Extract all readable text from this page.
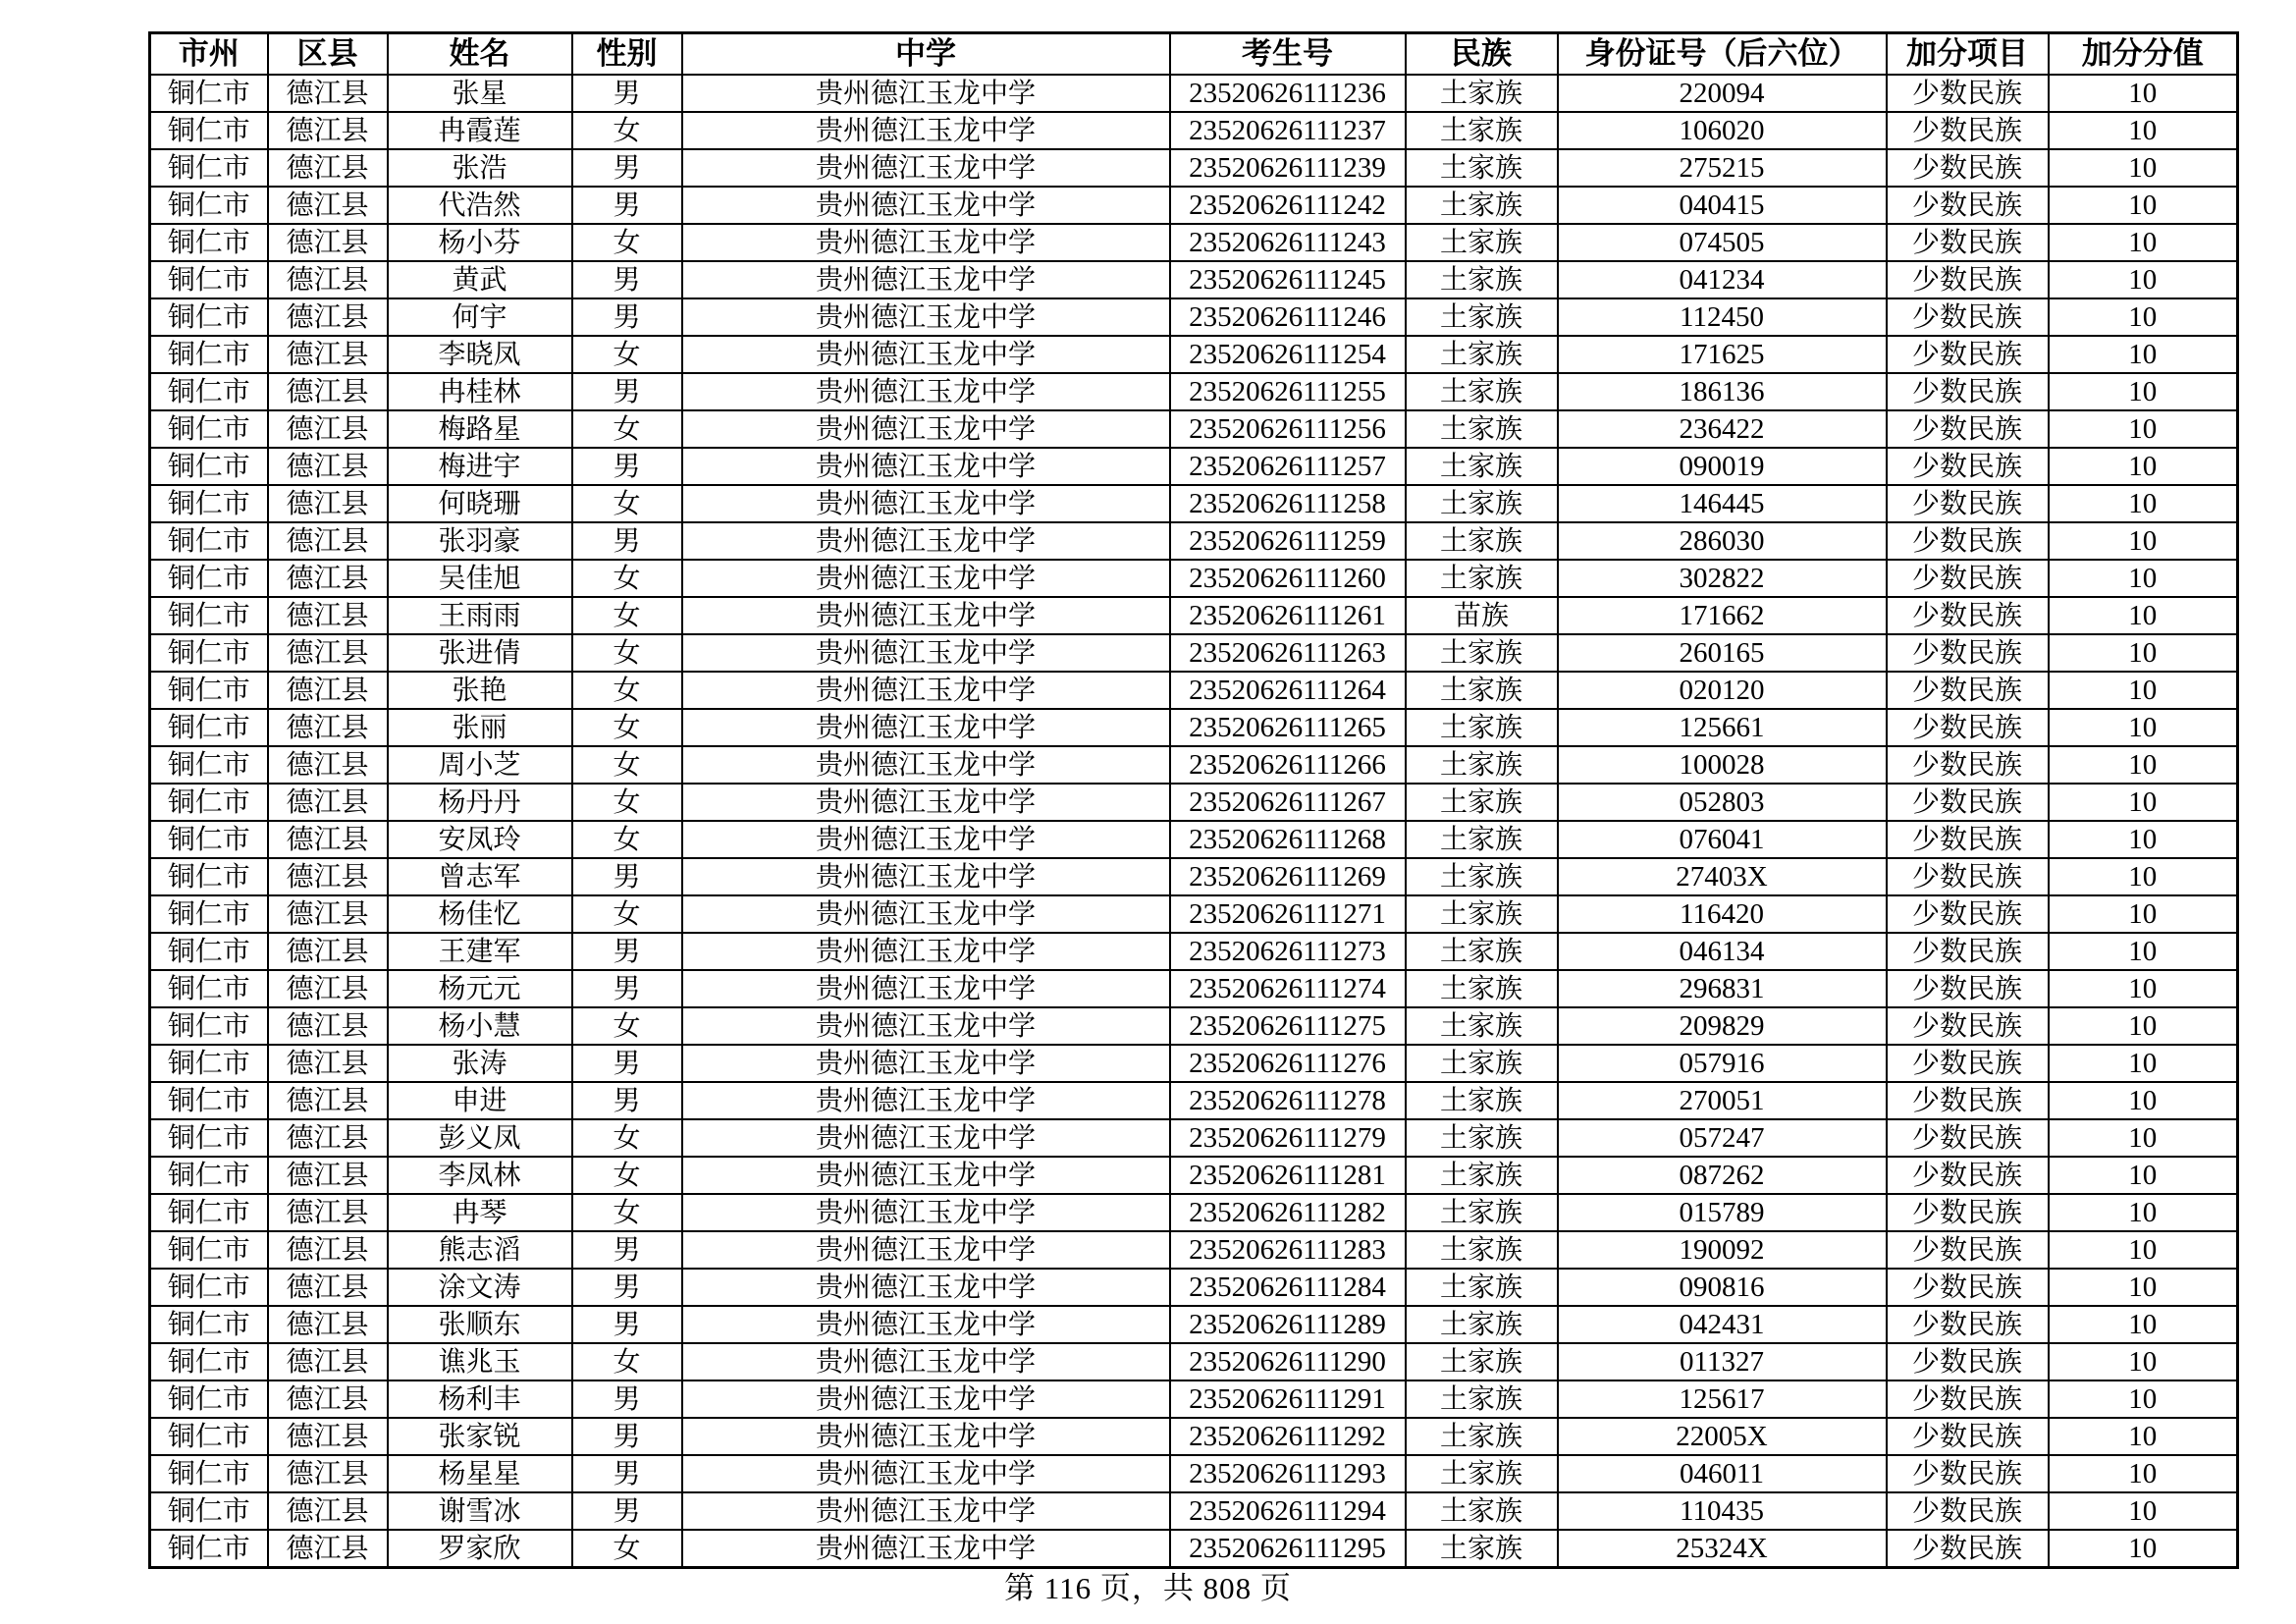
市州	区县	姓名	性别	中学	考生号	民族	身份证号（后六位）	加分项目	加分分值
铜仁市	德江县	张星	男	贵州德江玉龙中学	23520626111236	土家族	220094	少数民族	10
铜仁市	德江县	冉霞莲	女	贵州德江玉龙中学	23520626111237	土家族	106020	少数民族	10
铜仁市	德江县	张浩	男	贵州德江玉龙中学	23520626111239	土家族	275215	少数民族	10
铜仁市	德江县	代浩然	男	贵州德江玉龙中学	23520626111242	土家族	040415	少数民族	10
铜仁市	德江县	杨小芬	女	贵州德江玉龙中学	23520626111243	土家族	074505	少数民族	10
铜仁市	德江县	黄武	男	贵州德江玉龙中学	23520626111245	土家族	041234	少数民族	10
铜仁市	德江县	何宇	男	贵州德江玉龙中学	23520626111246	土家族	112450	少数民族	10
铜仁市	德江县	李晓凤	女	贵州德江玉龙中学	23520626111254	土家族	171625	少数民族	10
铜仁市	德江县	冉桂林	男	贵州德江玉龙中学	23520626111255	土家族	186136	少数民族	10
铜仁市	德江县	梅路星	女	贵州德江玉龙中学	23520626111256	土家族	236422	少数民族	10
铜仁市	德江县	梅进宇	男	贵州德江玉龙中学	23520626111257	土家族	090019	少数民族	10
铜仁市	德江县	何晓珊	女	贵州德江玉龙中学	23520626111258	土家族	146445	少数民族	10
铜仁市	德江县	张羽豪	男	贵州德江玉龙中学	23520626111259	土家族	286030	少数民族	10
铜仁市	德江县	吴佳旭	女	贵州德江玉龙中学	23520626111260	土家族	302822	少数民族	10
铜仁市	德江县	王雨雨	女	贵州德江玉龙中学	23520626111261	苗族	171662	少数民族	10
铜仁市	德江县	张进倩	女	贵州德江玉龙中学	23520626111263	土家族	260165	少数民族	10
铜仁市	德江县	张艳	女	贵州德江玉龙中学	23520626111264	土家族	020120	少数民族	10
铜仁市	德江县	张丽	女	贵州德江玉龙中学	23520626111265	土家族	125661	少数民族	10
铜仁市	德江县	周小芝	女	贵州德江玉龙中学	23520626111266	土家族	100028	少数民族	10
铜仁市	德江县	杨丹丹	女	贵州德江玉龙中学	23520626111267	土家族	052803	少数民族	10
铜仁市	德江县	安凤玲	女	贵州德江玉龙中学	23520626111268	土家族	076041	少数民族	10
铜仁市	德江县	曾志军	男	贵州德江玉龙中学	23520626111269	土家族	27403X	少数民族	10
铜仁市	德江县	杨佳忆	女	贵州德江玉龙中学	23520626111271	土家族	116420	少数民族	10
铜仁市	德江县	王建军	男	贵州德江玉龙中学	23520626111273	土家族	046134	少数民族	10
铜仁市	德江县	杨元元	男	贵州德江玉龙中学	23520626111274	土家族	296831	少数民族	10
铜仁市	德江县	杨小慧	女	贵州德江玉龙中学	23520626111275	土家族	209829	少数民族	10
铜仁市	德江县	张涛	男	贵州德江玉龙中学	23520626111276	土家族	057916	少数民族	10
铜仁市	德江县	申进	男	贵州德江玉龙中学	23520626111278	土家族	270051	少数民族	10
铜仁市	德江县	彭义凤	女	贵州德江玉龙中学	23520626111279	土家族	057247	少数民族	10
铜仁市	德江县	李凤林	女	贵州德江玉龙中学	23520626111281	土家族	087262	少数民族	10
铜仁市	德江县	冉琴	女	贵州德江玉龙中学	23520626111282	土家族	015789	少数民族	10
铜仁市	德江县	熊志滔	男	贵州德江玉龙中学	23520626111283	土家族	190092	少数民族	10
铜仁市	德江县	涂文涛	男	贵州德江玉龙中学	23520626111284	土家族	090816	少数民族	10
铜仁市	德江县	张顺东	男	贵州德江玉龙中学	23520626111289	土家族	042431	少数民族	10
铜仁市	德江县	谯兆玉	女	贵州德江玉龙中学	23520626111290	土家族	011327	少数民族	10
铜仁市	德江县	杨利丰	男	贵州德江玉龙中学	23520626111291	土家族	125617	少数民族	10
铜仁市	德江县	张家锐	男	贵州德江玉龙中学	23520626111292	土家族	22005X	少数民族	10
铜仁市	德江县	杨星星	男	贵州德江玉龙中学	23520626111293	土家族	046011	少数民族	10
铜仁市	德江县	谢雪冰	男	贵州德江玉龙中学	23520626111294	土家族	110435	少数民族	10
铜仁市	德江县	罗家欣	女	贵州德江玉龙中学	23520626111295	土家族	25324X	少数民族	10
第 116 页，共 808 页
